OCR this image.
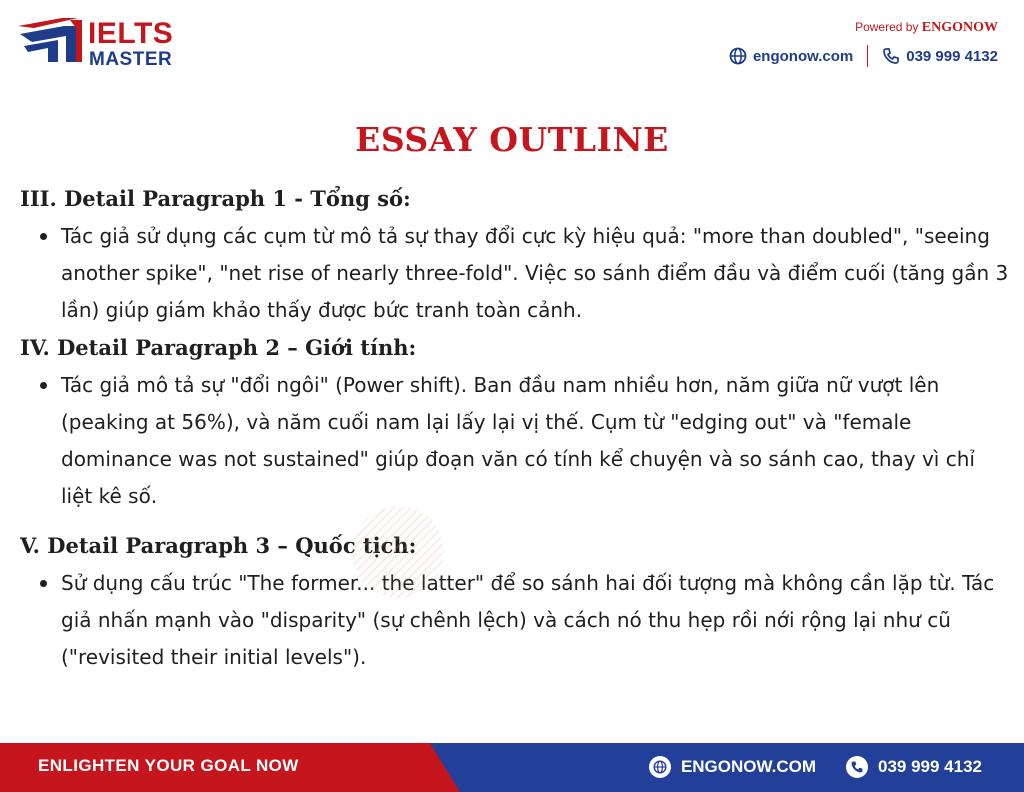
IELTS
MASTER
Powered by ENGONOW
engonow.com	039 999 4132
ESSAY OUTLINE
III. Detail Paragraph 1 - Tổng số:

Tác giả sử dụng các cụm từ mô tả sự thay đổi cực kỳ hiệu quả: "more than doubled", "seeing another spike", "net rise of nearly three-fold". Việc so sánh điểm đầu và điểm cuối (tăng gần 3 lần) giúp giám khảo thấy được bức tranh toàn cảnh.

IV. Detail Paragraph 2 – Giới tính:

Tác giả mô tả sự "đổi ngôi" (Power shift). Ban đầu nam nhiều hơn, năm giữa nữ vượt lên (peaking at 56%), và năm cuối nam lại lấy lại vị thế. Cụm từ "edging out" và "female dominance was not sustained" giúp đoạn văn có tính kể chuyện và so sánh cao, thay vì chỉ liệt kê số.

V. Detail Paragraph 3 – Quốc tịch:

Sử dụng cấu trúc "The former... the latter" để so sánh hai đối tượng mà không cần lặp từ. Tác giả nhấn mạnh vào "disparity" (sự chênh lệch) và cách nó thu hẹp rồi nới rộng lại như cũ ("revisited their initial levels").

ENLIGHTEN YOUR GOAL NOW	ENGONOW.COM	039 999 4132
